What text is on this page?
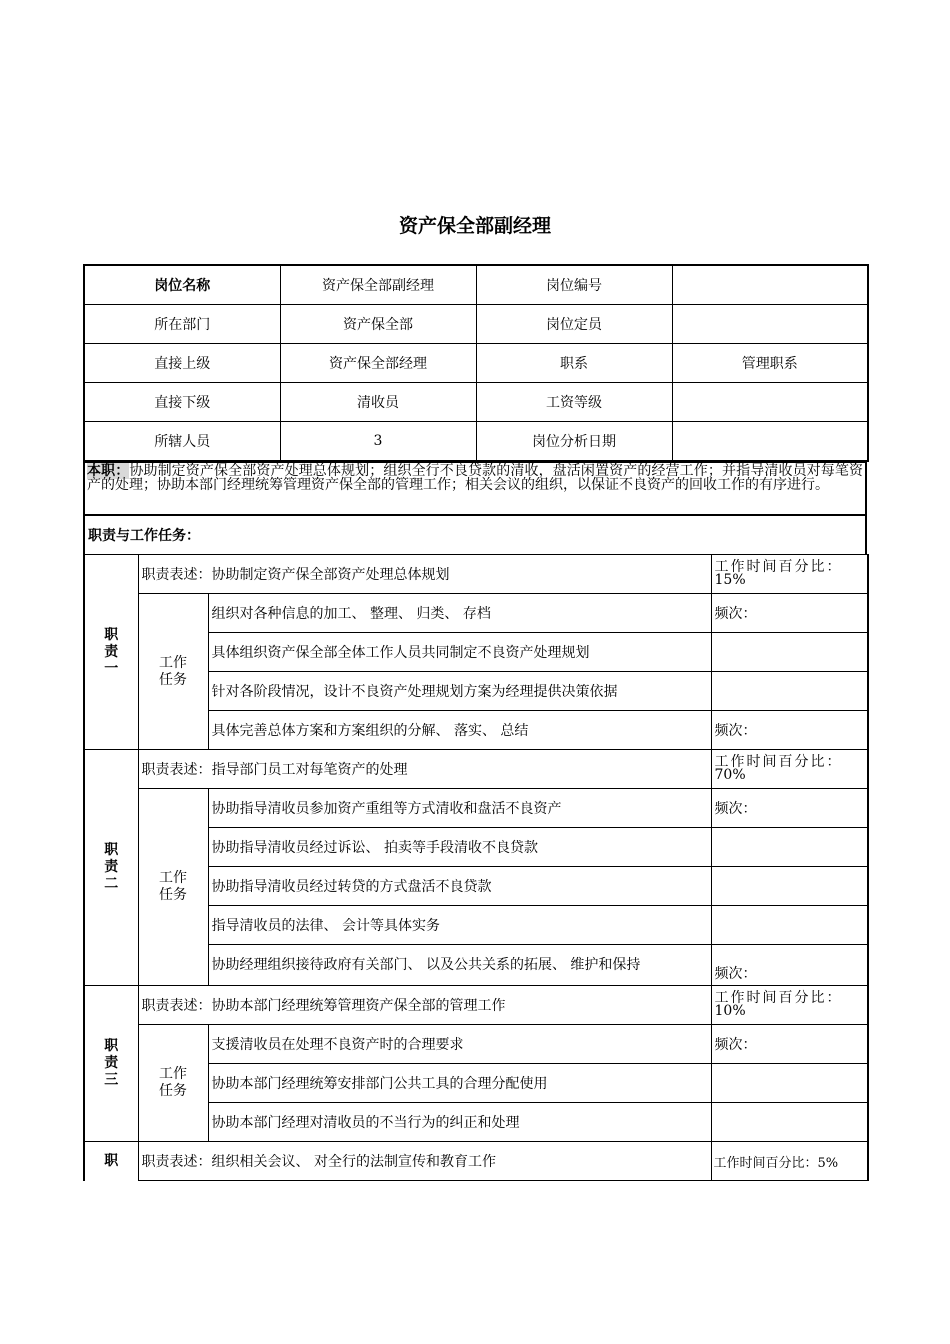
资产保全部副经理
岗位名称	资产保全部副经理	岗位编号	
所在部门	资产保全部	岗位定员	
直接上级	资产保全部经理	职系	管理职系
直接下级	清收员	工资等级	
所辖人员	3	岗位分析日期	
本职：协助制定资产保全部资产处理总体规划；组织全行不良贷款的清收，盘活闲置资产的经营工作；并指导清收员对每笔资产的处理；协助本部门经理统筹管理资产保全部的管理工作；相关会议的组织，以保证不良资产的回收工作的有序进行。
职责与工作任务：
职责一	职责表述：协助制定资产保全部资产处理总体规划		工作时间百分比：
15%
	工作任务	组织对各种信息的加工、 整理、 归类、 存档	频次：
		具体组织资产保全部全体工作人员共同制定不良资产处理规划	
		针对各阶段情况，设计不良资产处理规划方案为经理提供决策依据	
		具体完善总体方案和方案组织的分解、 落实、 总结	频次：
职责二	职责表述：指导部门员工对每笔资产的处理		工作时间百分比：
70%
	工作任务	协助指导清收员参加资产重组等方式清收和盘活不良资产	频次：
		协助指导清收员经过诉讼、 拍卖等手段清收不良贷款	
		协助指导清收员经过转贷的方式盘活不良贷款	
		指导清收员的法律、 会计等具体实务	
		协助经理组织接待政府有关部门、 以及公共关系的拓展、 维护和保持	频次：
职责三	职责表述：协助本部门经理统筹管理资产保全部的管理工作		工作时间百分比：
10%
	工作任务	支援清收员在处理不良资产时的合理要求	频次：
		协助本部门经理统筹安排部门公共工具的合理分配使用	
		协助本部门经理对清收员的不当行为的纠正和处理	
职	职责表述：组织相关会议、 对全行的法制宣传和教育工作		工作时间百分比：5%
